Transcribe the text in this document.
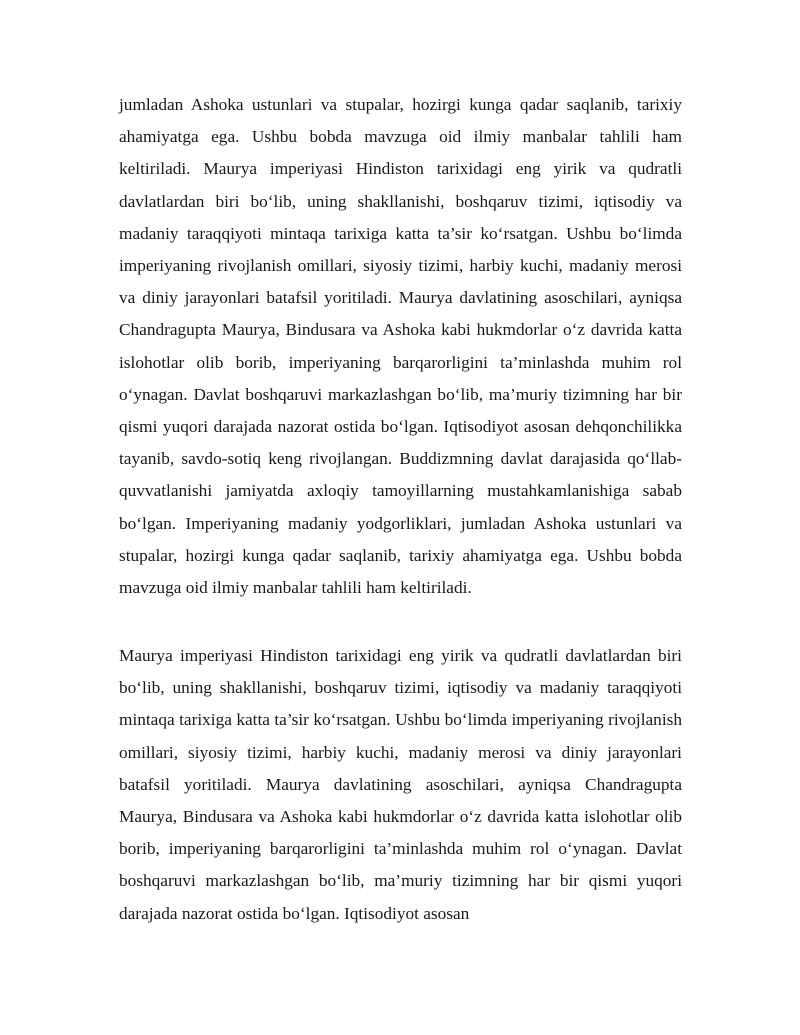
jumladan Ashoka ustunlari va stupalar, hozirgi kunga qadar saqlanib, tarixiy ahamiyatga ega. Ushbu bobda mavzuga oid ilmiy manbalar tahlili ham keltiriladi. Maurya imperiyasi Hindiston tarixidagi eng yirik va qudratli davlatlardan biri bo‘lib, uning shakllanishi, boshqaruv tizimi, iqtisodiy va madaniy taraqqiyoti mintaqa tarixiga katta ta’sir ko‘rsatgan. Ushbu bo‘limda imperiyaning rivojlanish omillari, siyosiy tizimi, harbiy kuchi, madaniy merosi va diniy jarayonlari batafsil yoritiladi. Maurya davlatining asoschilari, ayniqsa Chandragupta Maurya, Bindusara va Ashoka kabi hukmdorlar o‘z davrida katta islohotlar olib borib, imperiyaning barqarorligini ta’minlashda muhim rol o‘ynagan. Davlat boshqaruvi markazlashgan bo‘lib, ma’muriy tizimning har bir qismi yuqori darajada nazorat ostida bo‘lgan. Iqtisodiyot asosan dehqonchilikka tayanib, savdo-sotiq keng rivojlangan. Buddizmning davlat darajasida qo‘llab-quvvatlanishi jamiyatda axloqiy tamoyillarning mustahkamlanishiga sabab bo‘lgan. Imperiyaning madaniy yodgorliklari, jumladan Ashoka ustunlari va stupalar, hozirgi kunga qadar saqlanib, tarixiy ahamiyatga ega. Ushbu bobda mavzuga oid ilmiy manbalar tahlili ham keltiriladi.

Maurya imperiyasi Hindiston tarixidagi eng yirik va qudratli davlatlardan biri bo‘lib, uning shakllanishi, boshqaruv tizimi, iqtisodiy va madaniy taraqqiyoti mintaqa tarixiga katta ta’sir ko‘rsatgan. Ushbu bo‘limda imperiyaning rivojlanish omillari, siyosiy tizimi, harbiy kuchi, madaniy merosi va diniy jarayonlari batafsil yoritiladi. Maurya davlatining asoschilari, ayniqsa Chandragupta Maurya, Bindusara va Ashoka kabi hukmdorlar o‘z davrida katta islohotlar olib borib, imperiyaning barqarorligini ta’minlashda muhim rol o‘ynagan. Davlat boshqaruvi markazlashgan bo‘lib, ma’muriy tizimning har bir qismi yuqori darajada nazorat ostida bo‘lgan. Iqtisodiyot asosan
